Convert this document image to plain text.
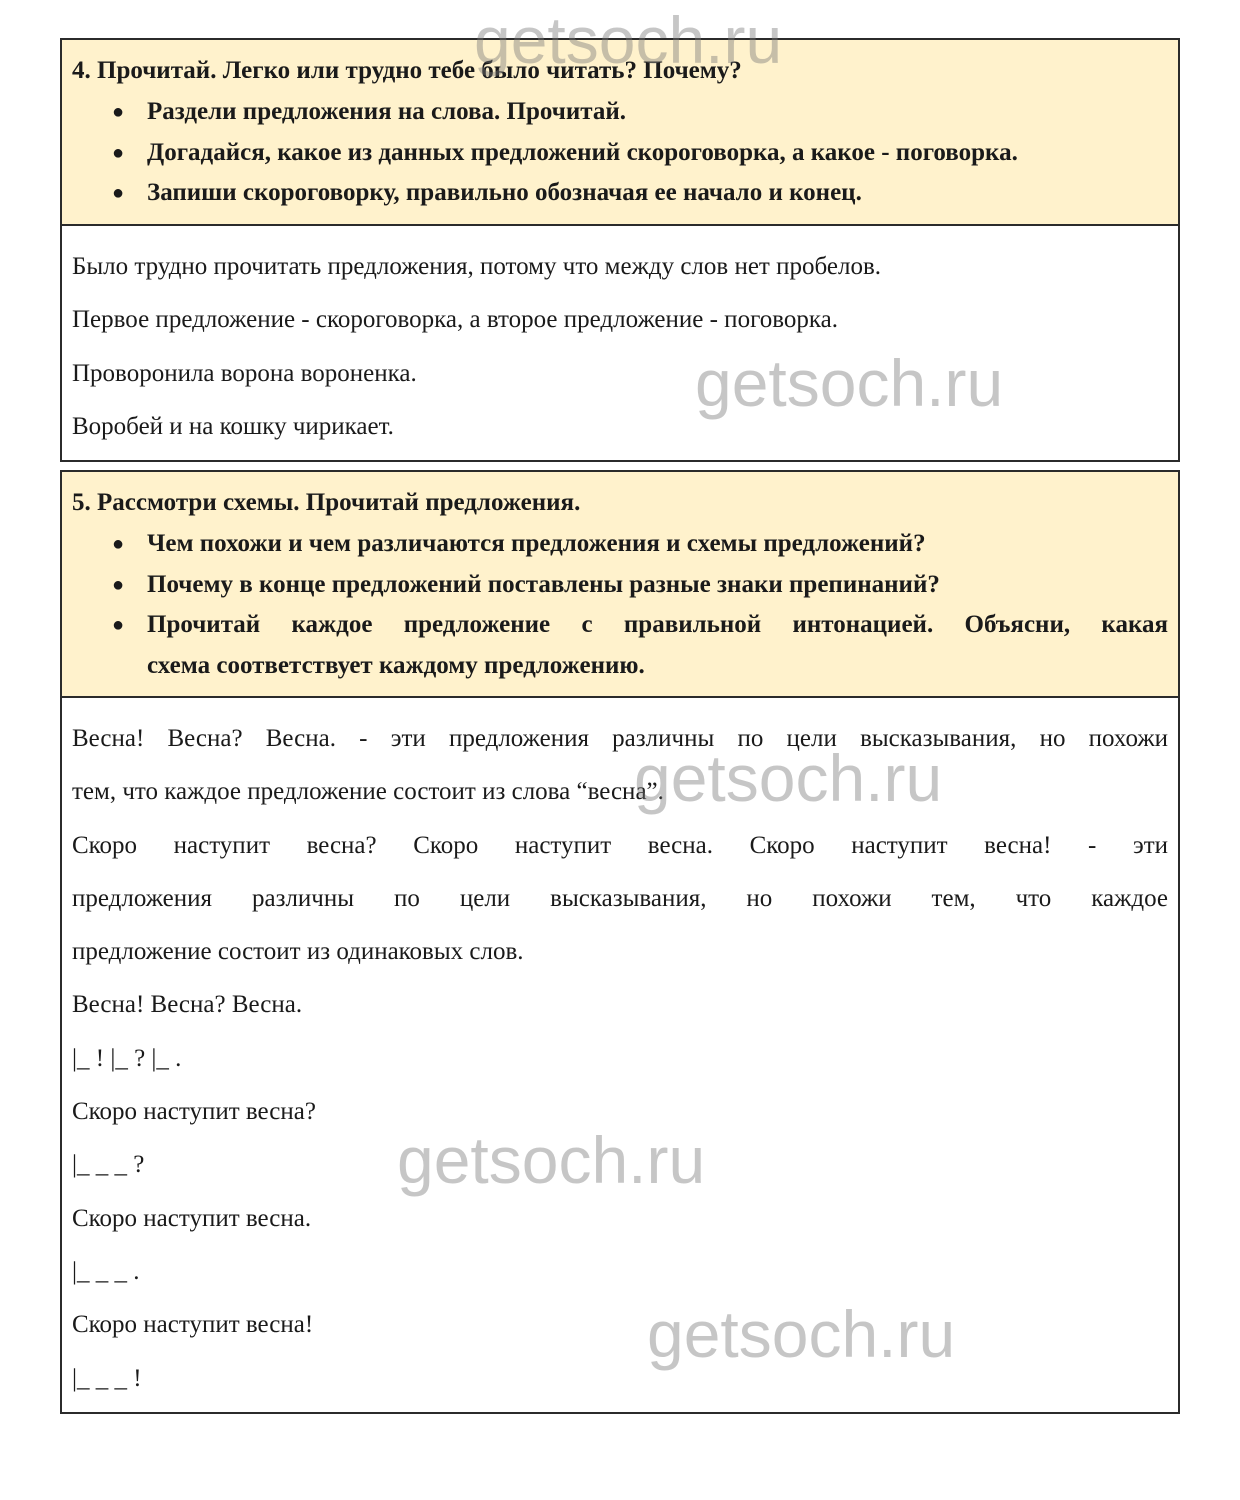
4. Прочитай. Легко или трудно тебе было читать? Почему?
● Раздели предложения на слова. Прочитай.
● Догадайся, какое из данных предложений скороговорка, а какое - поговорка.
● Запиши скороговорку, правильно обозначая ее начало и конец.

Было трудно прочитать предложения, потому что между слов нет пробелов.

Первое предложение - скороговорка, а второе предложение - поговорка.

Проворонила ворона вороненка.

Воробей и на кошку чирикает.

5. Рассмотри схемы. Прочитай предложения.
● Чем похожи и чем различаются предложения и схемы предложений?
● Почему в конце предложений поставлены разные знаки препинаний?
● Прочитай каждое предложение с правильной интонацией. Объясни, какая
схема соответствует каждому предложению.

Весна! Весна? Весна. - эти предложения различны по цели высказывания, но похожи

тем, что каждое предложение состоит из слова “весна”.

Скоро наступит весна? Скоро наступит весна. Скоро наступит весна! - эти

предложения различны по цели высказывания, но похожи тем, что каждое

предложение состоит из одинаковых слов.

Весна! Весна? Весна.

|_ ! |_ ? |_ .

Скоро наступит весна?

|_ _ _ ?

Скоро наступит весна.

|_ _ _ .

Скоро наступит весна!

|_ _ _ !

getsoch.ru
getsoch.ru
getsoch.ru
getsoch.ru
getsoch.ru
